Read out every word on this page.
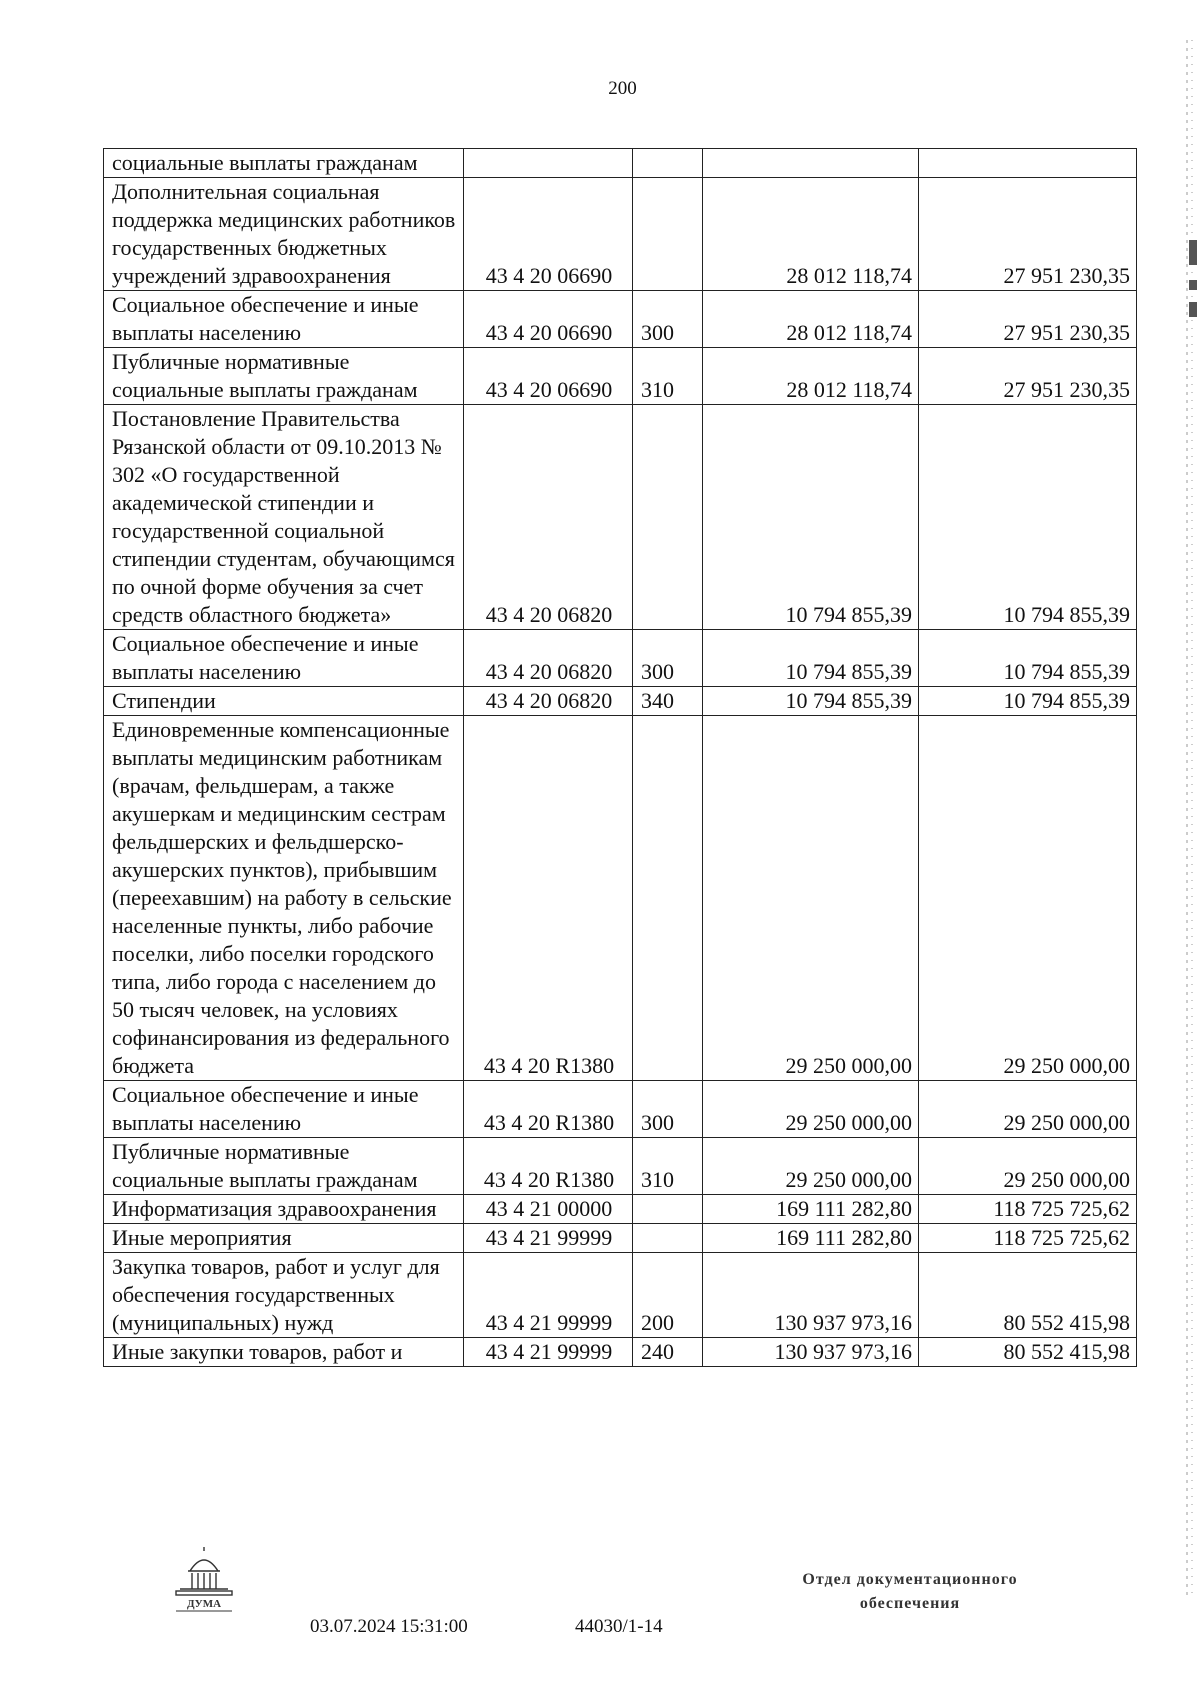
200
социальные выплаты гражданам				
Дополнительная социальная поддержка медицинских работников государственных бюджетных учреждений здравоохранения	43 4 20 06690		28 012 118,74	27 951 230,35
Социальное обеспечение и иные выплаты населению	43 4 20 06690	300	28 012 118,74	27 951 230,35
Публичные нормативные социальные выплаты гражданам	43 4 20 06690	310	28 012 118,74	27 951 230,35
Постановление Правительства Рязанской области от 09.10.2013 № 302 «О государственной академической стипендии и государственной социальной стипендии студентам, обучающимся по очной форме обучения за счет средств областного бюджета»	43 4 20 06820		10 794 855,39	10 794 855,39
Социальное обеспечение и иные выплаты населению	43 4 20 06820	300	10 794 855,39	10 794 855,39
Стипендии	43 4 20 06820	340	10 794 855,39	10 794 855,39
Единовременные компенсационные выплаты медицинским работникам (врачам, фельдшерам, а также акушеркам и медицинским сестрам фельдшерских и фельдшерско-акушерских пунктов), прибывшим (переехавшим) на работу в сельские населенные пункты, либо рабочие поселки, либо поселки городского типа, либо города с населением до 50 тысяч человек, на условиях софинансирования из федерального бюджета	43 4 20 R1380		29 250 000,00	29 250 000,00
Социальное обеспечение и иные выплаты населению	43 4 20 R1380	300	29 250 000,00	29 250 000,00
Публичные нормативные социальные выплаты гражданам	43 4 20 R1380	310	29 250 000,00	29 250 000,00
Информатизация здравоохранения	43 4 21 00000		169 111 282,80	118 725 725,62
Иные мероприятия	43 4 21 99999		169 111 282,80	118 725 725,62
Закупка товаров, работ и услуг для обеспечения государственных (муниципальных) нужд	43 4 21 99999	200	130 937 973,16	80 552 415,98
Иные закупки товаров, работ и	43 4 21 99999	240	130 937 973,16	80 552 415,98
ДУМА
03.07.2024 15:31:00	44030/1-14
Отдел документационного
обеспечения
